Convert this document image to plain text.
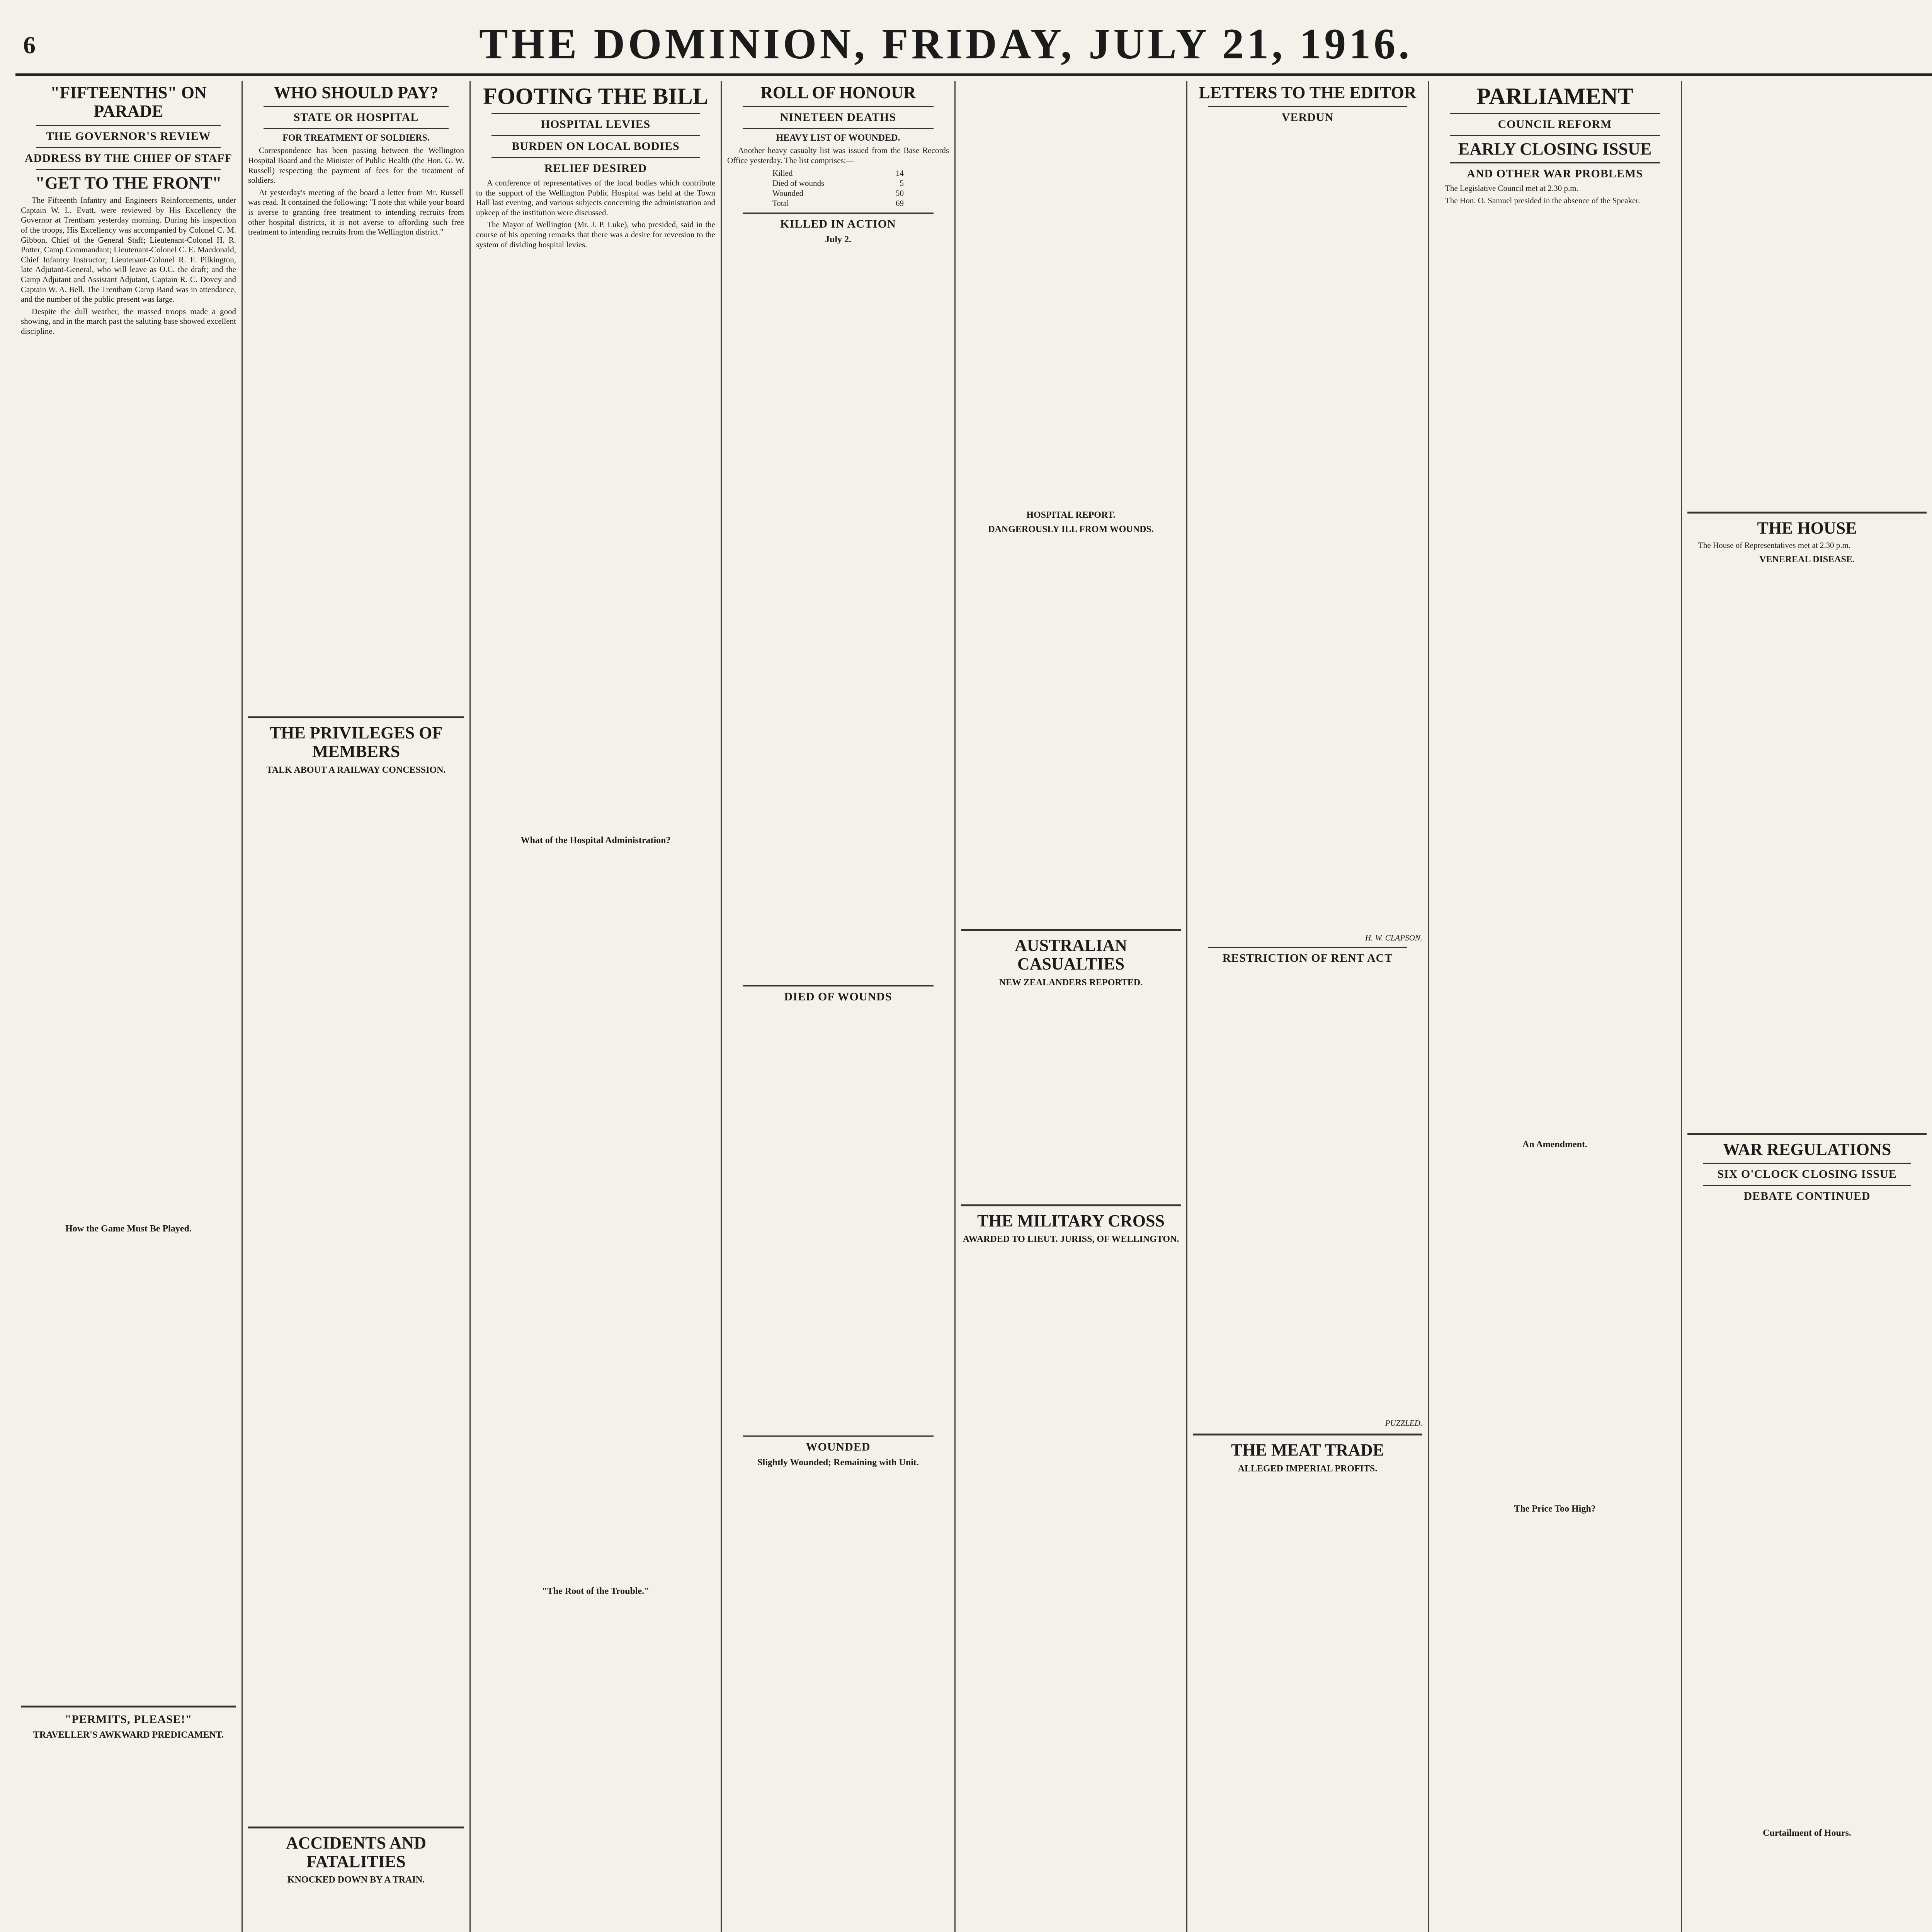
6	THE DOMINION, FRIDAY, JULY 21, 1916.
"FIFTEENTHS" ON PARADE
THE GOVERNOR'S REVIEW
ADDRESS BY THE CHIEF OF STAFF
"GET TO THE FRONT"

The Fifteenth Infantry and Engineers Reinforcements, under Captain W. L. Evatt, were reviewed by His Excellency the Governor at Trentham yesterday morning. During his inspection of the troops, His Excellency was accompanied by Colonel C. M. Gibbon, Chief of the General Staff; Lieutenant-Colonel H. R. Potter, Camp Commandant; Lieutenant-Colonel C. E. Macdonald, Chief Infantry Instructor; Lieutenant-Colonel R. F. Pilkington, late Adjutant-General, who will leave as O.C. the draft; and the Camp Adjutant and Assistant Adjutant, Captain R. C. Dovey and Captain W. A. Bell. The Trentham Camp Band was in attendance, and the number of the public present was large.

Despite the dull weather, the massed troops made a good showing, and in the march past the saluting base showed excellent discipline.

How the Game Must Be Played.
"PERMITS, PLEASE!"
TRAVELLER'S AWKWARD PREDICAMENT.
WHO SHOULD PAY?
STATE OR HOSPITAL
FOR TREATMENT OF SOLDIERS.

Correspondence has been passing between the Wellington Hospital Board and the Minister of Public Health (the Hon. G. W. Russell) respecting the payment of fees for the treatment of soldiers.

At yesterday's meeting of the board a letter from Mr. Russell was read. It contained the following: "I note that while your board is averse to granting free treatment to intending recruits from other hospital districts, it is not averse to affording such free treatment to intending recruits from the Wellington district."

THE PRIVILEGES OF MEMBERS
TALK ABOUT A RAILWAY CONCESSION.
ACCIDENTS AND FATALITIES
KNOCKED DOWN BY A TRAIN.
FOOTING THE BILL
HOSPITAL LEVIES
BURDEN ON LOCAL BODIES
RELIEF DESIRED

A conference of representatives of the local bodies which contribute to the support of the Wellington Public Hospital was held at the Town Hall last evening, and various subjects concerning the administration and upkeep of the institution were discussed.

The Mayor of Wellington (Mr. J. P. Luke), who presided, said in the course of his opening remarks that there was a desire for reversion to the system of dividing hospital levies.

What of the Hospital Administration?
"The Root of the Trouble."
ROLL OF HONOUR
NINETEEN DEATHS
HEAVY LIST OF WOUNDED.

Another heavy casualty list was issued from the Base Records Office yesterday. The list comprises:—

Killed	14
Died of wounds	5
Wounded	50
Total	69
KILLED IN ACTION
July 2.
DIED OF WOUNDS
WOUNDED
Slightly Wounded; Remaining with Unit.
HOSPITAL REPORT.
DANGEROUSLY ILL FROM WOUNDS.
AUSTRALIAN CASUALTIES
NEW ZEALANDERS REPORTED.
THE MILITARY CROSS
AWARDED TO LIEUT. JURISS, OF WELLINGTON.
LETTERS TO THE EDITOR
VERDUN
H. W. CLAPSON.
RESTRICTION OF RENT ACT
PUZZLED.
THE MEAT TRADE
ALLEGED IMPERIAL PROFITS.
PARLIAMENT
COUNCIL REFORM
EARLY CLOSING ISSUE
AND OTHER WAR PROBLEMS

The Legislative Council met at 2.30 p.m.

The Hon. O. Samuel presided in the absence of the Speaker.

An Amendment.
The Price Too High?
THE HOUSE

The House of Representatives met at 2.30 p.m.

VENEREAL DISEASE.
WAR REGULATIONS
SIX O'CLOCK CLOSING ISSUE
DEBATE CONTINUED
Curtailment of Hours.
